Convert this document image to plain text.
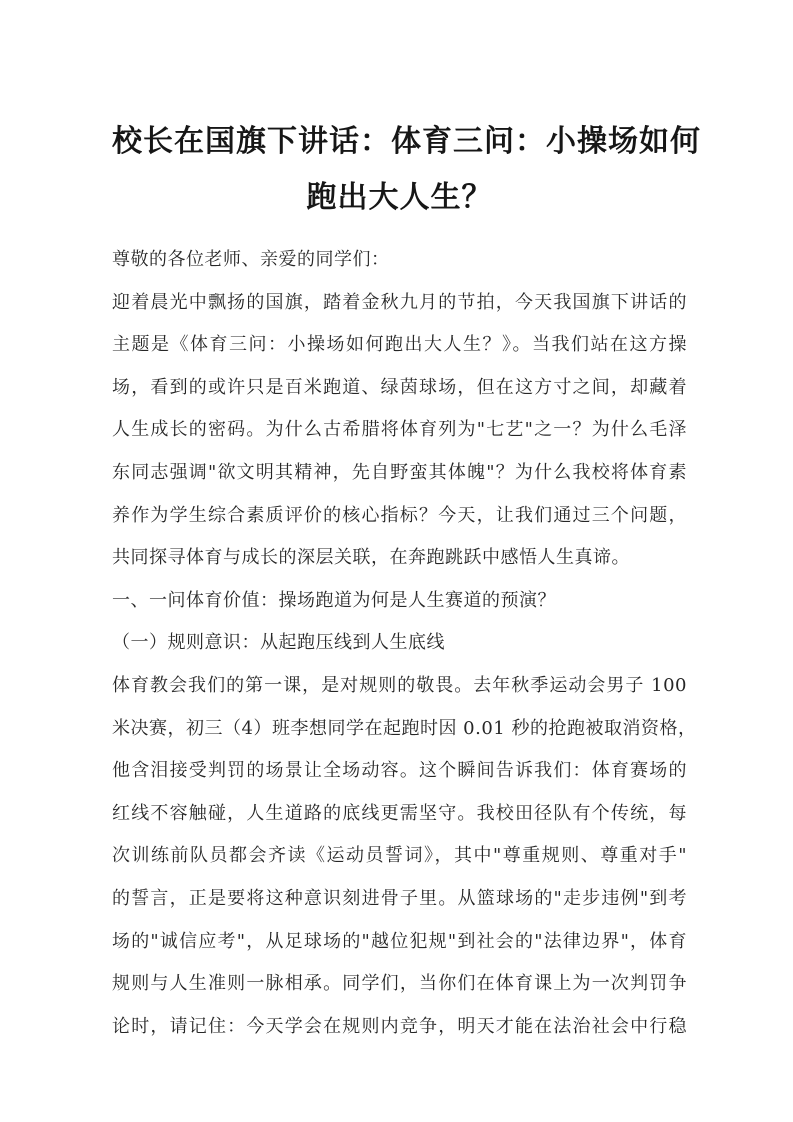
校长在国旗下讲话：体育三问：小操场如何
跑出大人生？
尊敬的各位老师、亲爱的同学们：
迎着晨光中飘扬的国旗，踏着金秋九月的节拍，今天我国旗下讲话的
主题是《体育三问：小操场如何跑出大人生？》。当我们站在这方操
场，看到的或许只是百米跑道、绿茵球场，但在这方寸之间，却藏着
人生成长的密码。为什么古希腊将体育列为"七艺"之一？为什么毛泽
东同志强调"欲文明其精神，先自野蛮其体魄"？为什么我校将体育素
养作为学生综合素质评价的核心指标？今天，让我们通过三个问题，
共同探寻体育与成长的深层关联，在奔跑跳跃中感悟人生真谛。
一、一问体育价值：操场跑道为何是人生赛道的预演？
（一）规则意识：从起跑压线到人生底线
体育教会我们的第一课，是对规则的敬畏。去年秋季运动会男子 100
米决赛，初三（4）班李想同学在起跑时因 0.01 秒的抢跑被取消资格，
他含泪接受判罚的场景让全场动容。这个瞬间告诉我们：体育赛场的
红线不容触碰，人生道路的底线更需坚守。我校田径队有个传统，每
次训练前队员都会齐读《运动员誓词》，其中"尊重规则、尊重对手"
的誓言，正是要将这种意识刻进骨子里。从篮球场的"走步违例"到考
场的"诚信应考"，从足球场的"越位犯规"到社会的"法律边界"，体育
规则与人生准则一脉相承。同学们，当你们在体育课上为一次判罚争
论时，请记住：今天学会在规则内竞争，明天才能在法治社会中行稳
